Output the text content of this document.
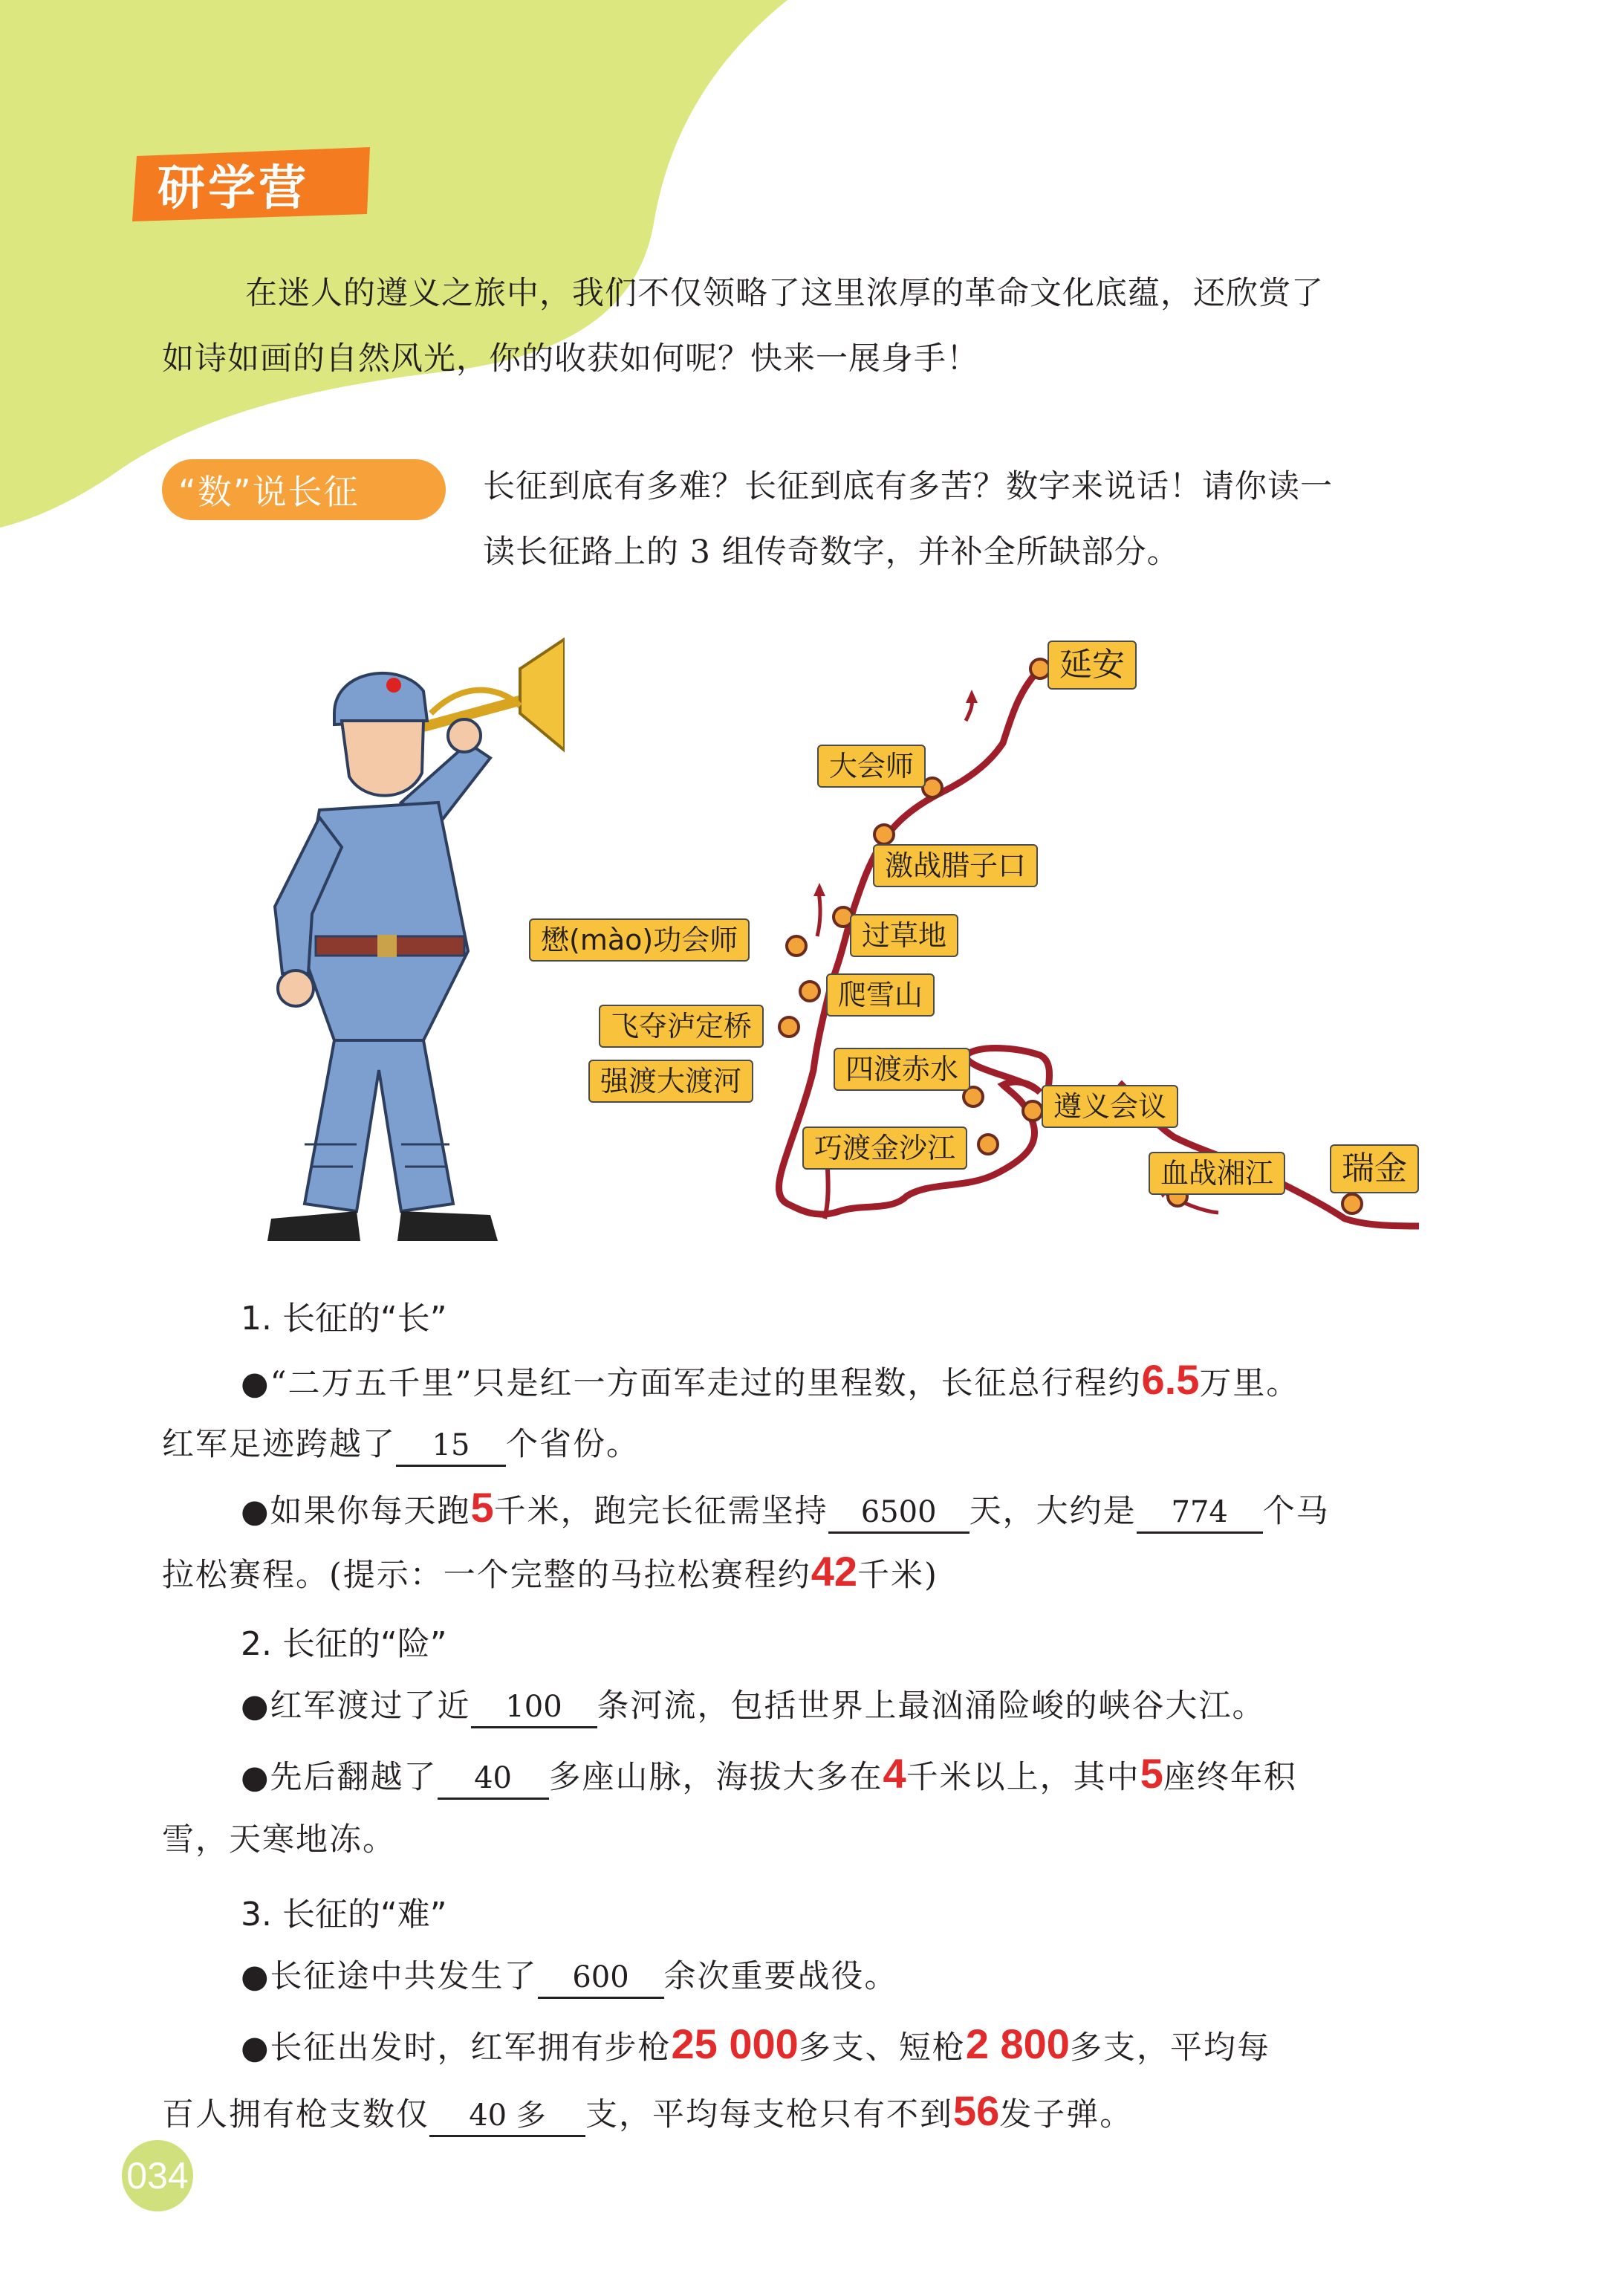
研学营
在迷人的遵义之旅中，我们不仅领略了这里浓厚的革命文化底蕴，还欣赏了
如诗如画的自然风光，你的收获如何呢？快来一展身手！
“数”说长征	长征到底有多难？长征到底有多苦？数字来说话！请你读一
读长征路上的 3 组传奇数字，并补全所缺部分。
延安
大会师
激战腊子口
懋(mào)功会师	过草地
爬雪山
飞夺泸定桥
强渡大渡河	四渡赤水
遵义会议
巧渡金沙江
血战湘江	瑞金
1. 长征的“长”
●“二万五千里”只是红一方面军走过的里程数，长征总行程约6.5万里。
红军足迹跨越了 15 个省份。
●如果你每天跑5千米，跑完长征需坚持 6500 天，大约是 774 个马
拉松赛程。(提示：一个完整的马拉松赛程约42千米)
2. 长征的“险”
●红军渡过了近 100 条河流，包括世界上最汹涌险峻的峡谷大江。
●先后翻越了 40 多座山脉，海拔大多在4千米以上，其中5座终年积
雪，天寒地冻。
3. 长征的“难”
●长征途中共发生了 600 余次重要战役。
●长征出发时，红军拥有步枪25 000多支、短枪2 800多支，平均每
百人拥有枪支数仅 40 多 支，平均每支枪只有不到56发子弹。
034
